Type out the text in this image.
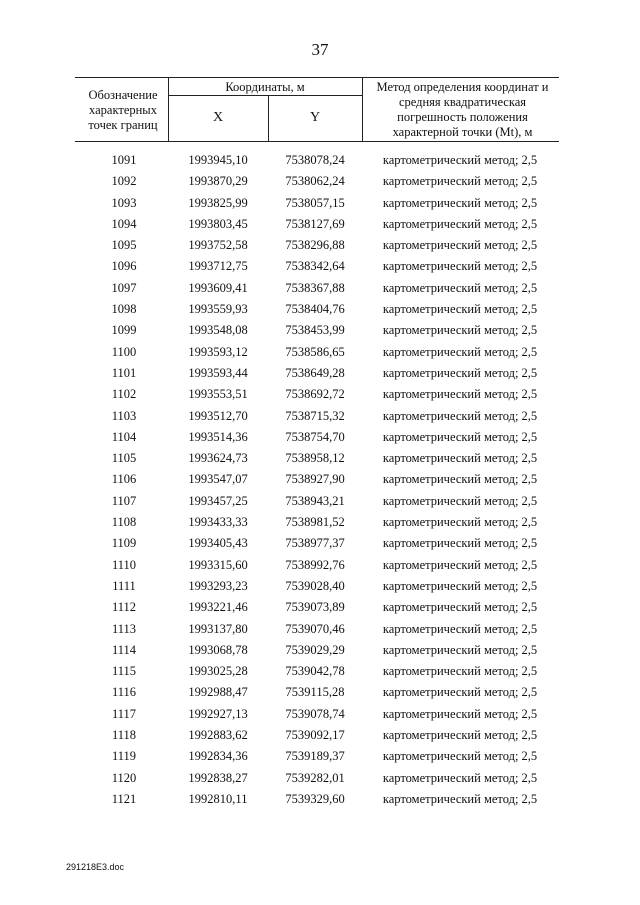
37
Обозначение характерных точек границ
Координаты, м
X	Y
Метод определения координат и средняя квадратическая погрешность положения характерной точки (Mt), м
1091	1993945,10	7538078,24	картометрический метод; 2,5
1092	1993870,29	7538062,24	картометрический метод; 2,5
1093	1993825,99	7538057,15	картометрический метод; 2,5
1094	1993803,45	7538127,69	картометрический метод; 2,5
1095	1993752,58	7538296,88	картометрический метод; 2,5
1096	1993712,75	7538342,64	картометрический метод; 2,5
1097	1993609,41	7538367,88	картометрический метод; 2,5
1098	1993559,93	7538404,76	картометрический метод; 2,5
1099	1993548,08	7538453,99	картометрический метод; 2,5
1100	1993593,12	7538586,65	картометрический метод; 2,5
1101	1993593,44	7538649,28	картометрический метод; 2,5
1102	1993553,51	7538692,72	картометрический метод; 2,5
1103	1993512,70	7538715,32	картометрический метод; 2,5
1104	1993514,36	7538754,70	картометрический метод; 2,5
1105	1993624,73	7538958,12	картометрический метод; 2,5
1106	1993547,07	7538927,90	картометрический метод; 2,5
1107	1993457,25	7538943,21	картометрический метод; 2,5
1108	1993433,33	7538981,52	картометрический метод; 2,5
1109	1993405,43	7538977,37	картометрический метод; 2,5
1110	1993315,60	7538992,76	картометрический метод; 2,5
1111	1993293,23	7539028,40	картометрический метод; 2,5
1112	1993221,46	7539073,89	картометрический метод; 2,5
1113	1993137,80	7539070,46	картометрический метод; 2,5
1114	1993068,78	7539029,29	картометрический метод; 2,5
1115	1993025,28	7539042,78	картометрический метод; 2,5
1116	1992988,47	7539115,28	картометрический метод; 2,5
1117	1992927,13	7539078,74	картометрический метод; 2,5
1118	1992883,62	7539092,17	картометрический метод; 2,5
1119	1992834,36	7539189,37	картометрический метод; 2,5
1120	1992838,27	7539282,01	картометрический метод; 2,5
1121	1992810,11	7539329,60	картометрический метод; 2,5
291218E3.doc
